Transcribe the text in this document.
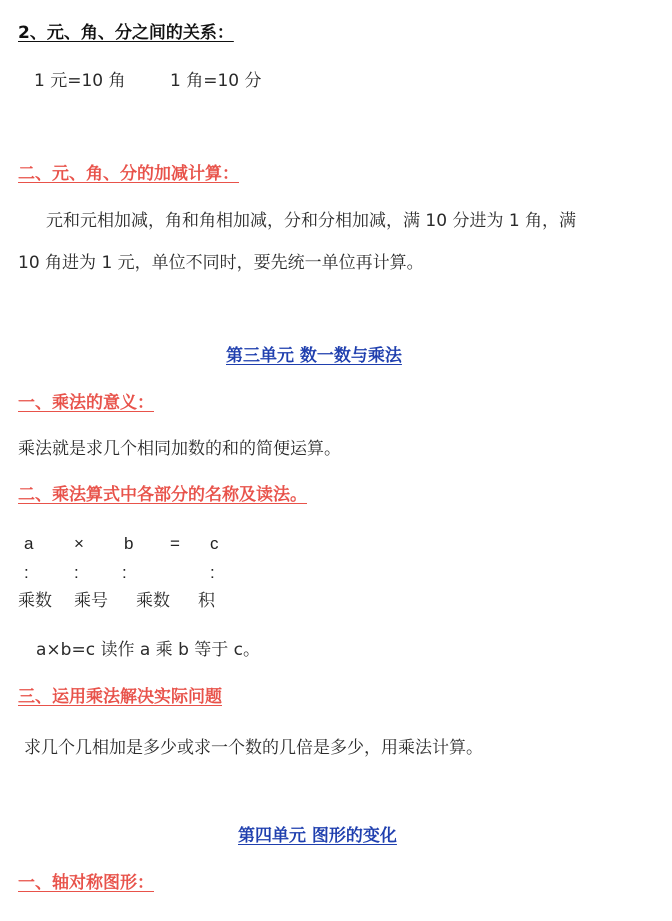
2、元、角、分之间的关系：
1 元=10 角	1 角=10 分
二、元、角、分的加减计算：
元和元相加减，角和角相加减，分和分相加减，满 10 分进为 1 角，满
10 角进为 1 元，单位不同时，要先统一单位再计算。
第三单元 数一数与乘法
一、乘法的意义：
乘法就是求几个相同加数的和的简便运算。
二、乘法算式中各部分的名称及读法。
a × b = c
:	:	:	:
乘数 乘号 乘数 积
a×b=c 读作 a 乘 b 等于 c。
三、运用乘法解决实际问题
求几个几相加是多少或求一个数的几倍是多少，用乘法计算。
第四单元 图形的变化
一、轴对称图形：
